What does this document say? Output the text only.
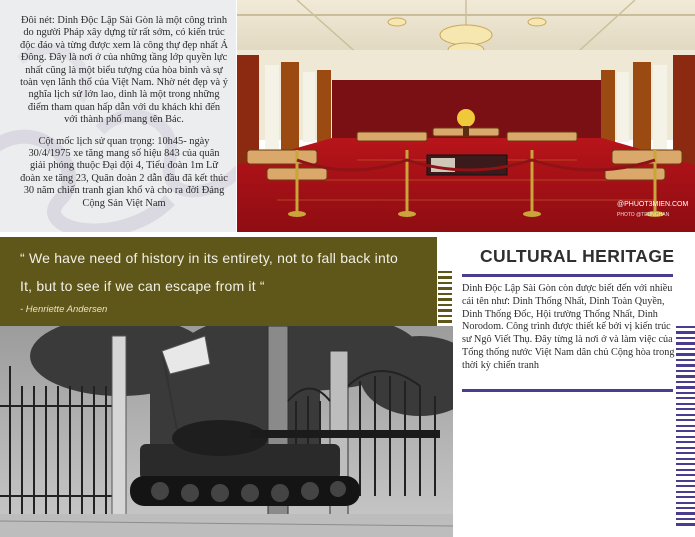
Đôi nét: Dinh Độc Lập Sài Gòn là một công trình do người Pháp xây dựng từ rất sớm, có kiến trúc độc đáo và từng được xem là công thự đẹp nhất Á Đông. Đây là nơi ở của những tầng lớp quyền lực nhất cũng là một biểu tượng của hòa bình và sự toàn vẹn lãnh thổ của Việt Nam. Nhờ nét đẹp và ý nghĩa lịch sử lớn lao, dinh là một trong những điểm tham quan hấp dẫn với du khách khi đến với thành phố mang tên Bác.

Cột mốc lịch sử quan trọng: 10h45- ngày 30/4/1975 xe tăng mang số hiệu 843 của quân giải phóng thuộc Đại đội 4, Tiểu đoàn 1m Lữ đoàn xe tăng 23, Quân đoàn 2 dẫn đầu đã kết thúc 30 năm chiến tranh gian khổ và cho ra đời Đảng Cộng Sản Việt Nam	@PHUOT3MIEN.COM
PHOTO @TEUNGHAN
“ We have need of history in its entirety, not to fall back into
It, but to see if we can escape from it “
- Henriette Andersen
CULTURAL HERITAGE
Dinh Độc Lập Sài Gòn còn được biết đến với nhiều cái tên như: Dinh Thống Nhất, Dinh Toàn Quyền, Dinh Thống Đốc, Hội trường Thống Nhất, Dinh Norodom. Công trình được thiết kế bởi vị kiến trúc sư Ngô Viết Thụ. Đây từng là nơi ở và làm việc của Tổng thống nước Việt Nam dân chủ Cộng hòa trong thời kỳ chiến tranh
